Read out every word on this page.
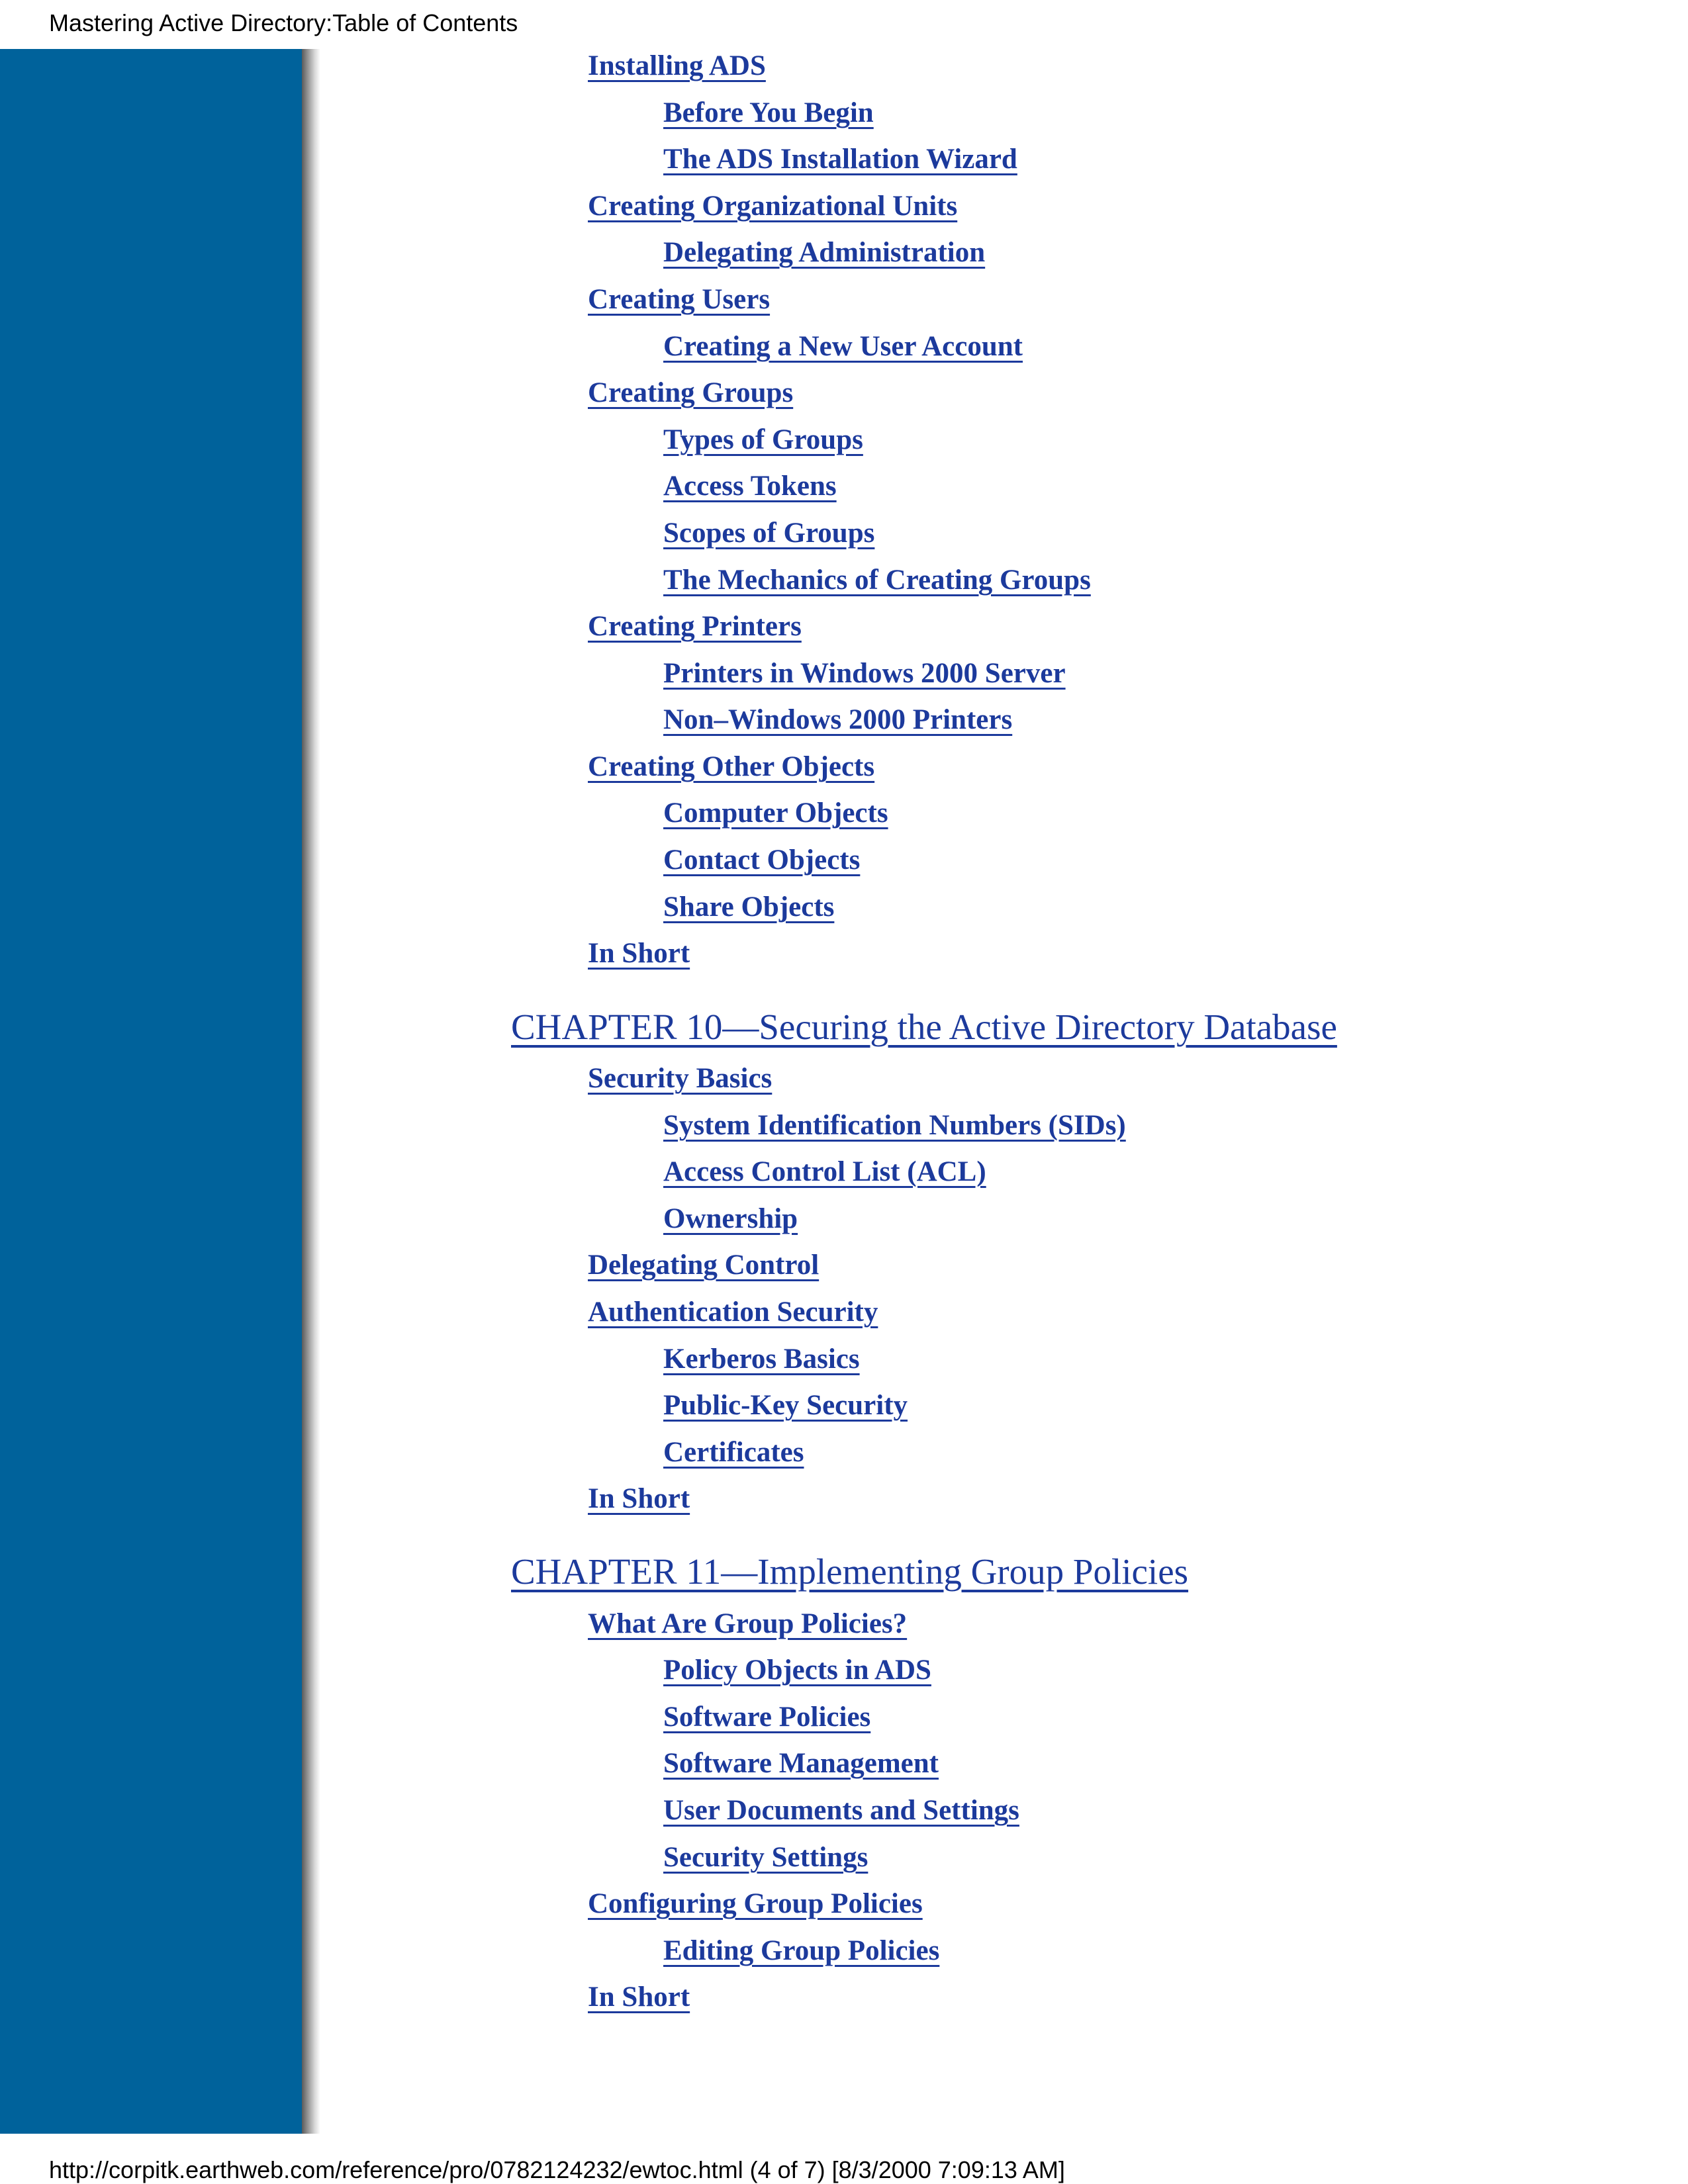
Mastering Active Directory:Table of Contents
Installing ADS
Before You Begin
The ADS Installation Wizard
Creating Organizational Units
Delegating Administration
Creating Users
Creating a New User Account
Creating Groups
Types of Groups
Access Tokens
Scopes of Groups
The Mechanics of Creating Groups
Creating Printers
Printers in Windows 2000 Server
Non–Windows 2000 Printers
Creating Other Objects
Computer Objects
Contact Objects
Share Objects
In Short
CHAPTER 10—Securing the Active Directory Database
Security Basics
System Identification Numbers (SIDs)
Access Control List (ACL)
Ownership
Delegating Control
Authentication Security
Kerberos Basics
Public-Key Security
Certificates
In Short
CHAPTER 11—Implementing Group Policies
What Are Group Policies?
Policy Objects in ADS
Software Policies
Software Management
User Documents and Settings
Security Settings
Configuring Group Policies
Editing Group Policies
In Short
http://corpitk.earthweb.com/reference/pro/0782124232/ewtoc.html (4 of 7) [8/3/2000 7:09:13 AM]
